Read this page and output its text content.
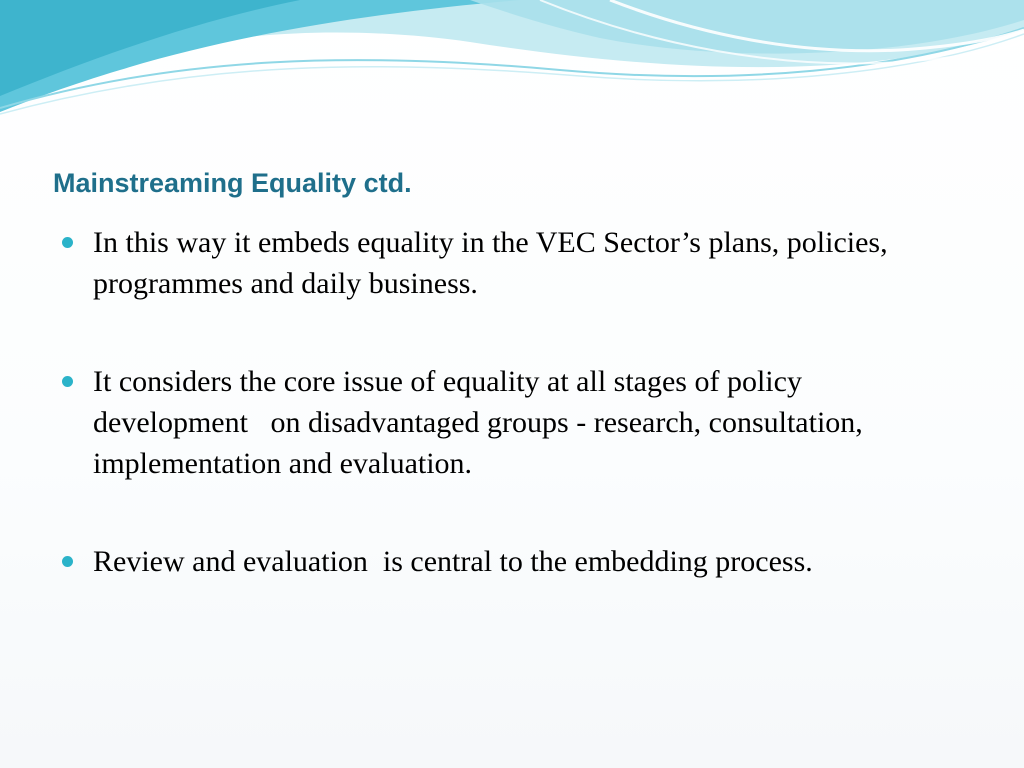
Mainstreaming Equality ctd.
In this way it embeds equality in the VEC Sector’s plans, policies, programmes and daily business.
It considers the core issue of equality at all stages of policy development   on disadvantaged groups - research, consultation, implementation and evaluation.
Review and evaluation  is central to the embedding process.
